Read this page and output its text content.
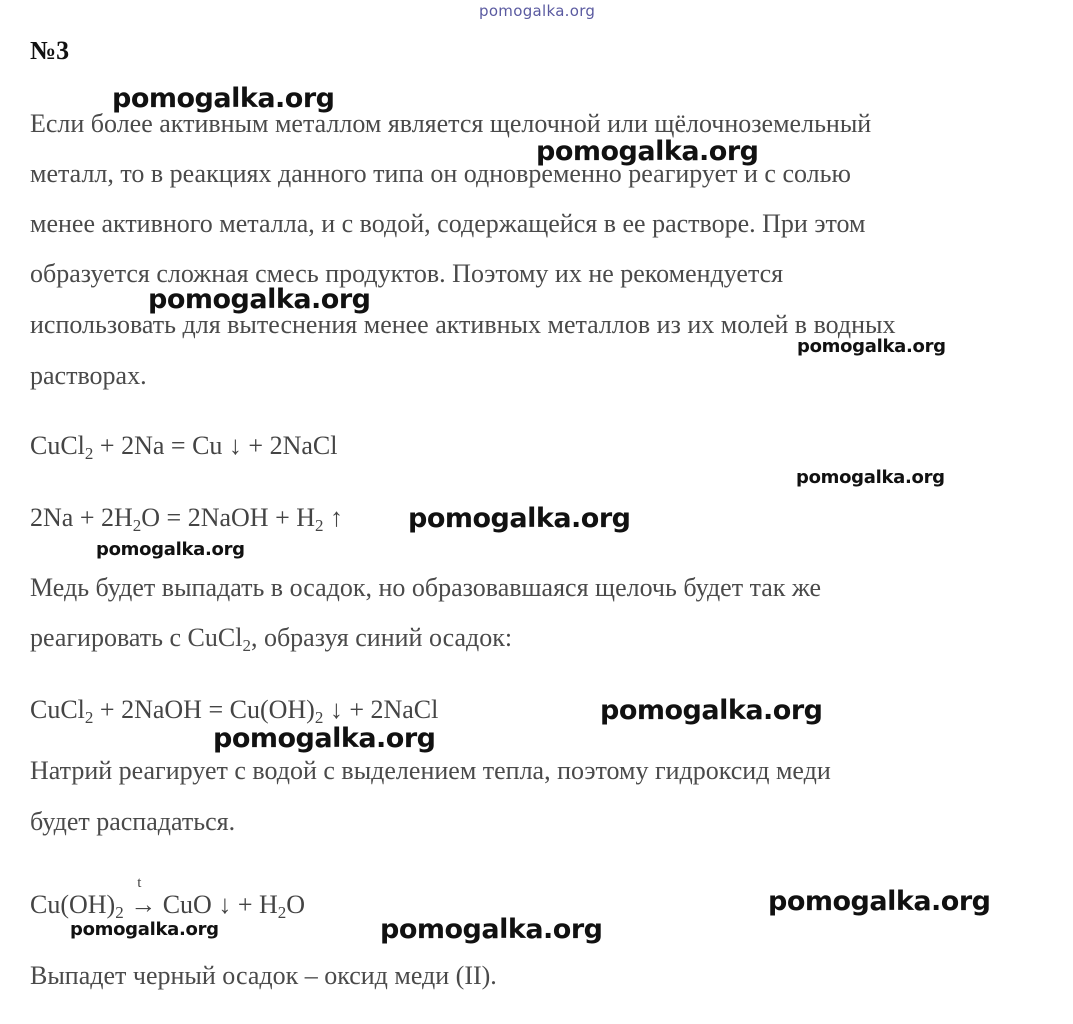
pomogalka.org
№3
Если более активным металлом является щелочной или щёлочноземельный
металл, то в реакциях данного типа он одновременно реагирует и с солью
менее активного металла, и с водой, содержащейся в ее растворе. При этом
образуется сложная смесь продуктов. Поэтому их не рекомендуется
использовать для вытеснения менее активных металлов из их молей в водных
растворах.
CuCl$_2$ + 2Na = Cu ↓ + 2NaCl
$2Na + 2H_2O$ = 2NaOH + $H_2$ ↑
Медь будет выпадать в осадок, но образовавшаяся щелочь будет так же
реагировать с CuCl$_2$, образуя синий осадок:
CuCl$_2$ + 2NaOH = $Cu(OH)_2$ ↓ + 2NaCl
Натрий реагирует с водой с выделением тепла, поэтому гидроксид меди
будет распадаться.
$Cu(OH)_2$
t
→ CuO ↓ + $H_2O$
Выпадет черный осадок – оксид меди (II).
pomogalka.org
pomogalka.org
pomogalka.org
pomogalka.org
pomogalka.org
pomogalka.org
pomogalka.org
pomogalka.org
pomogalka.org
pomogalka.org
pomogalka.org	pomogalka.org
